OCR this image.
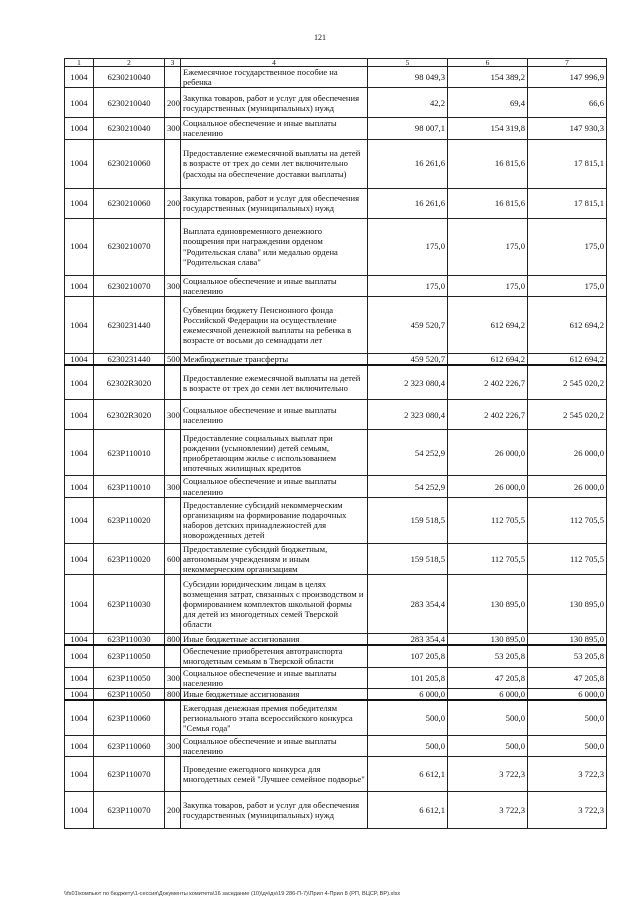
121
1	2	3	4	5	6	7
1004	6230210040		Ежемесячное государственное пособие на ребенка	98 049,3	154 389,2	147 996,9
1004	6230210040	200	Закупка товаров, работ и услуг для обеспечения государственных (муниципальных) нужд	42,2	69,4	66,6
1004	6230210040	300	Социальное обеспечение и иные выплаты населению	98 007,1	154 319,8	147 930,3
1004	6230210060		Предоставление ежемесячной выплаты на детей в возрасте от трех до семи лет включительно (расходы на обеспечение доставки выплаты)	16 261,6	16 815,6	17 815,1
1004	6230210060	200	Закупка товаров, работ и услуг для обеспечения государственных (муниципальных) нужд	16 261,6	16 815,6	17 815,1
1004	6230210070		Выплата единовременного денежного поощрения при награждении орденом "Родительская слава" или медалью ордена "Родительская слава"	175,0	175,0	175,0
1004	6230210070	300	Социальное обеспечение и иные выплаты населению	175,0	175,0	175,0
1004	6230231440		Субвенции бюджету Пенсионного фонда Российской Федерации на осуществление ежемесячной денежной выплаты на ребенка в возрасте от восьми до семнадцати лет	459 520,7	612 694,2	612 694,2
1004	6230231440	500	Межбюджетные трансферты	459 520,7	612 694,2	612 694,2
1004	62302R3020		Предоставление ежемесячной выплаты на детей в возрасте от трех до семи лет включительно	2 323 080,4	2 402 226,7	2 545 020,2
1004	62302R3020	300	Социальное обеспечение и иные выплаты населению	2 323 080,4	2 402 226,7	2 545 020,2
1004	623P110010		Предоставление социальных выплат при рождении (усыновлении) детей семьям, приобретающим жилье с использованием ипотечных жилищных кредитов	54 252,9	26 000,0	26 000,0
1004	623P110010	300	Социальное обеспечение и иные выплаты населению	54 252,9	26 000,0	26 000,0
1004	623P110020		Предоставление субсидий некоммерческим организациям на формирование подарочных наборов детских принадлежностей для новорожденных детей	159 518,5	112 705,5	112 705,5
1004	623P110020	600	Предоставление субсидий бюджетным, автономным учреждениям и иным некоммерческим организациям	159 518,5	112 705,5	112 705,5
1004	623P110030		Субсидии юридическим лицам в целях возмещения затрат, связанных с производством и формированием комплектов школьной формы для детей из многодетных семей Тверской области	283 354,4	130 895,0	130 895,0
1004	623P110030	800	Иные бюджетные ассигнования	283 354,4	130 895,0	130 895,0
1004	623P110050		Обеспечение приобретения автотранспорта многодетным семьям в Тверской области	107 205,8	53 205,8	53 205,8
1004	623P110050	300	Социальное обеспечение и иные выплаты населению	101 205,8	47 205,8	47 205,8
1004	623P110050	800	Иные бюджетные ассигнования	6 000,0	6 000,0	6 000,0
1004	623P110060		Ежегодная денежная премия победителям регионального этапа всероссийского конкурса "Семья года"	500,0	500,0	500,0
1004	623P110060	300	Социальное обеспечение и иные выплаты населению	500,0	500,0	500,0
1004	623P110070		Проведение ежегодного конкурса для многодетных семей "Лучшее семейное подворье"	6 612,1	3 722,3	3 722,3
1004	623P110070	200	Закупка товаров, работ и услуг для обеспечения государственных (муниципальных) нужд	6 612,1	3 722,3	3 722,3
\\fs01\компьют по бюджету\1-сессия\Документы комитета\16 заседание (10)\дч\дн\19 286-П-7)\Прил 4-Прил 8 (РП, ВЦСР, ВР).xlsx
